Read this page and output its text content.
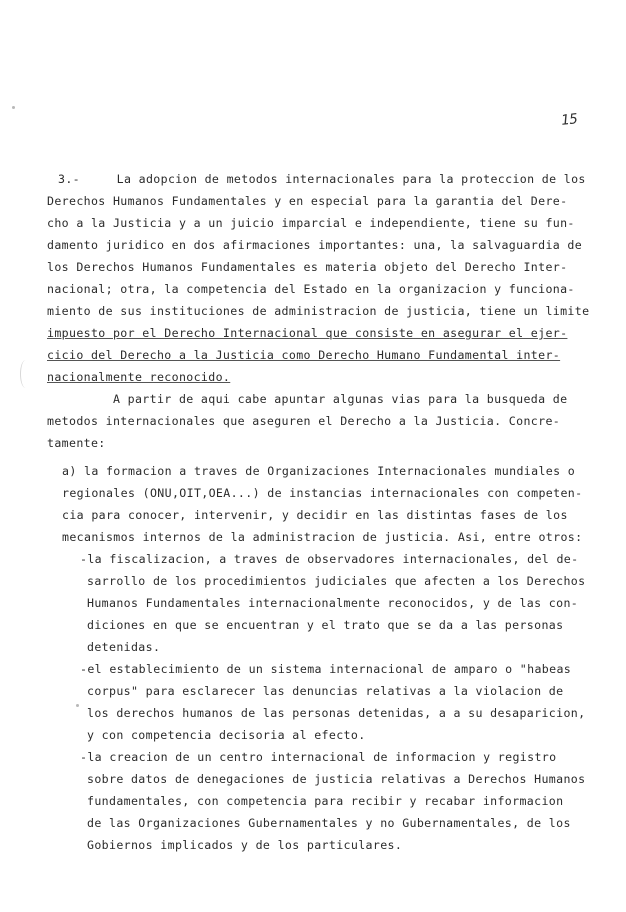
15

3.-     La adopcion de metodos internacionales para la proteccion de los

Derechos Humanos Fundamentales y en especial para la garantia del Dere-

cho a la Justicia y a un juicio imparcial e independiente, tiene su fun-

damento juridico en dos afirmaciones importantes: una, la salvaguardia de

los Derechos Humanos Fundamentales es materia objeto del Derecho Inter-

nacional; otra, la competencia del Estado en la organizacion y funciona-

miento de sus instituciones de administracion de justicia, tiene un limite

impuesto por el Derecho Internacional que consiste en asegurar el ejer-

cicio del Derecho a la Justicia como Derecho Humano Fundamental inter-

nacionalmente reconocido.

A partir de aqui cabe apuntar algunas vias para la busqueda de

metodos internacionales que aseguren el Derecho a la Justicia. Concre-

tamente:

a) la formacion a traves de Organizaciones Internacionales mundiales o

regionales (ONU,OIT,OEA...) de instancias internacionales con competen-

cia para conocer, intervenir, y decidir en las distintas fases de los

mecanismos internos de la administracion de justicia. Asi, entre otros:

-la fiscalizacion, a traves de observadores internacionales, del de-

sarrollo de los procedimientos judiciales que afecten a los Derechos

Humanos Fundamentales internacionalmente reconocidos, y de las con-

diciones en que se encuentran y el trato que se da a las personas

detenidas.

-el establecimiento de un sistema internacional de amparo o "habeas

corpus" para esclarecer las denuncias relativas a la violacion de

los derechos humanos de las personas detenidas, a a su desaparicion,

y con competencia decisoria al efecto.

-la creacion de un centro internacional de informacion y registro

sobre datos de denegaciones de justicia relativas a Derechos Humanos

fundamentales, con competencia para recibir y recabar informacion

de las Organizaciones Gubernamentales y no Gubernamentales, de los

Gobiernos implicados y de los particulares.
